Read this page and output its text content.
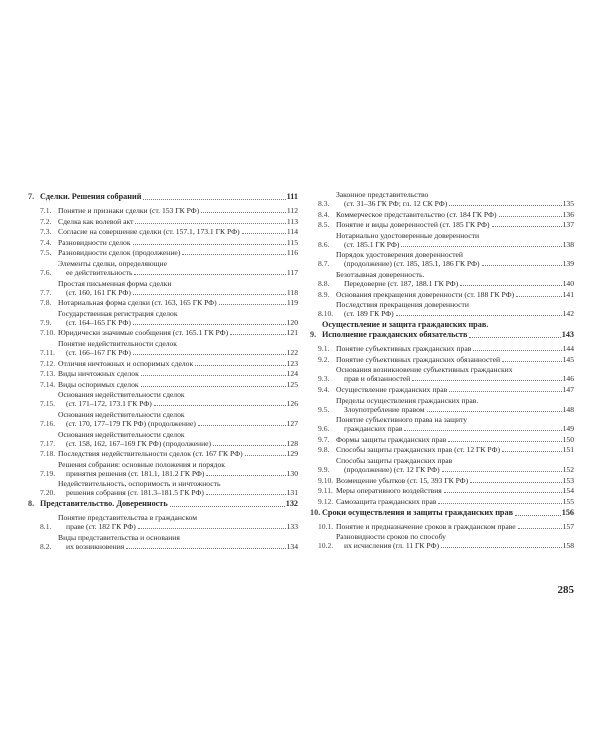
7. Сделки. Решения собраний	111
7.1. Понятие и признаки сделки (ст. 153 ГК РФ)	112
7.2. Сделка как волевой акт	113
7.3. Согласие на совершение сделки (ст. 157.1, 173.1 ГК РФ)	114
7.4. Разновидности сделок	115
7.5. Разновидности сделок (продолжение)	116
7.6.
Элементы сделки, определяющие
ее действительность	117
7.7.
Простая письменная форма сделки
(ст. 160, 161 ГК РФ)	118
7.8. Нотариальная форма сделки (ст. 163, 165 ГК РФ)	119
7.9.
Государственная регистрация сделок
(ст. 164–165 ГК РФ)	120
7.10. Юридически значимые сообщения (ст. 165.1 ГК РФ)	121
7.11.
Понятие недействительности сделок
(ст. 166–167 ГК РФ)	122
7.12. Отличия ничтожных и оспоримых сделок	123
7.13. Виды ничтожных сделок	124
7.14. Виды оспоримых сделок	125
7.15.
Основания недействительности сделок
(ст. 171–172, 173.1 ГК РФ)	126
7.16.
Основания недействительности сделок
(ст. 170, 177–179 ГК РФ) (продолжение)	127
7.17.
Основания недействительности сделок
(ст. 158, 162, 167–169 ГК РФ) (продолжение)	128
7.18. Последствия недействительности сделок (ст. 167 ГК РФ)	129
7.19.
Решения собрания: основные положения и порядок
принятия решения (ст. 181.1, 181.2 ГК РФ)	130
7.20.
Недействительность, оспоримость и ничтожность
решения собрания (ст. 181.3–181.5 ГК РФ)	131
8. Представительство. Доверенность	132
8.1.
Понятие представительства в гражданском
праве (ст. 182 ГК РФ)	133
8.2.
Виды представительства и основания
их возникновения	134
8.3.
Законное представительство
(ст. 31–36 ГК РФ; гл. 12 СК РФ)	135
8.4. Коммерческое представительство (ст. 184 ГК РФ)	136
8.5. Понятие и виды доверенностей (ст. 185 ГК РФ)	137
8.6.
Нотариально удостоверенные доверенности
(ст. 185.1 ГК РФ)	138
8.7.
Порядок удостоверения доверенностей
(продолжение) (ст. 185, 185.1, 186 ГК РФ)	139
8.8.
Безотзывная доверенность.
Передоверие (ст. 187, 188.1 ГК РФ)	140
8.9. Основания прекращения доверенности (ст. 188 ГК РФ)	141
8.10.
Последствия прекращения доверенности
(ст. 189 ГК РФ)	142
9.
Осуществление и защита гражданских прав.
Исполнение гражданских обязательств	143
9.1. Понятие субъективных гражданских прав	144
9.2. Понятие субъективных гражданских обязанностей	145
9.3.
Основания возникновение субъективных гражданских
прав и обязанностей	146
9.4. Осуществление гражданских прав	147
9.5.
Пределы осуществления гражданских прав.
Злоупотребление правом	148
9.6.
Понятие субъективного права на защиту
гражданских прав	149
9.7. Формы защиты гражданских прав	150
9.8. Способы защиты гражданских прав (ст. 12 ГК РФ)	151
9.9.
Способы защиты гражданских прав
(продолжение) (ст. 12 ГК РФ)	152
9.10. Возмещение убытков (ст. 15, 393 ГК РФ)	153
9.11. Меры оперативного воздействия	154
9.12. Самозащита гражданских прав	155
10. Сроки осуществления и защиты гражданских прав	156
10.1. Понятие и предназначение сроков в гражданском праве	157
10.2.
Разновидности сроков по способу
их исчисления (гл. 11 ГК РФ)	158
285
